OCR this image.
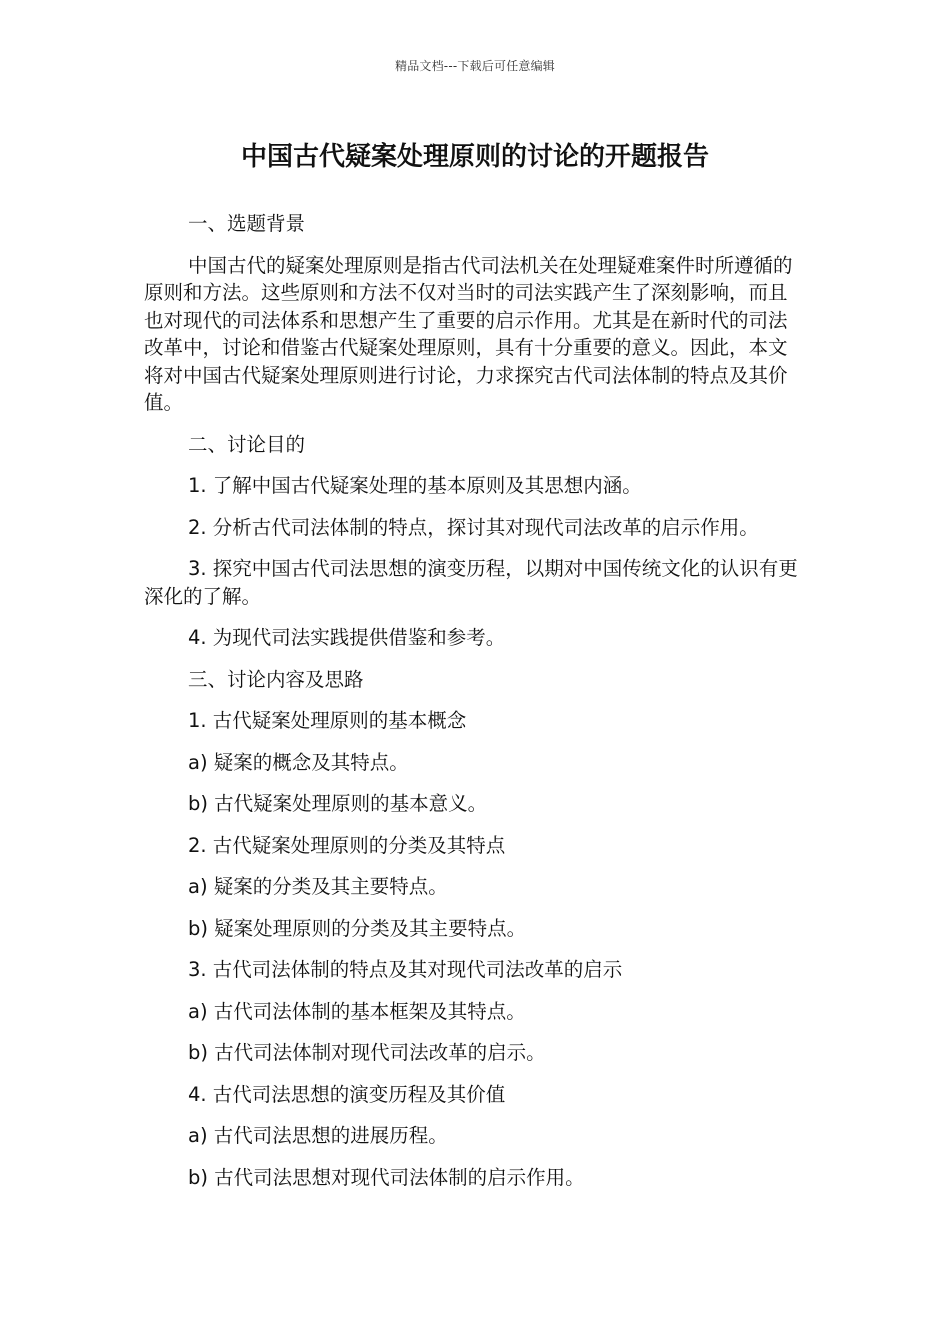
精品文档---下载后可任意编辑
中国古代疑案处理原则的讨论的开题报告

一、选题背景

中国古代的疑案处理原则是指古代司法机关在处理疑难案件时所遵循的原则和方法。这些原则和方法不仅对当时的司法实践产生了深刻影响，而且也对现代的司法体系和思想产生了重要的启示作用。尤其是在新时代的司法改革中，讨论和借鉴古代疑案处理原则，具有十分重要的意义。因此，本文将对中国古代疑案处理原则进行讨论，力求探究古代司法体制的特点及其价值。

二、讨论目的

1. 了解中国古代疑案处理的基本原则及其思想内涵。

2. 分析古代司法体制的特点，探讨其对现代司法改革的启示作用。

3. 探究中国古代司法思想的演变历程，以期对中国传统文化的认识有更深化的了解。

4. 为现代司法实践提供借鉴和参考。

三、讨论内容及思路

1. 古代疑案处理原则的基本概念

a) 疑案的概念及其特点。

b) 古代疑案处理原则的基本意义。

2. 古代疑案处理原则的分类及其特点

a) 疑案的分类及其主要特点。

b) 疑案处理原则的分类及其主要特点。

3. 古代司法体制的特点及其对现代司法改革的启示

a) 古代司法体制的基本框架及其特点。

b) 古代司法体制对现代司法改革的启示。

4. 古代司法思想的演变历程及其价值

a) 古代司法思想的进展历程。

b) 古代司法思想对现代司法体制的启示作用。
